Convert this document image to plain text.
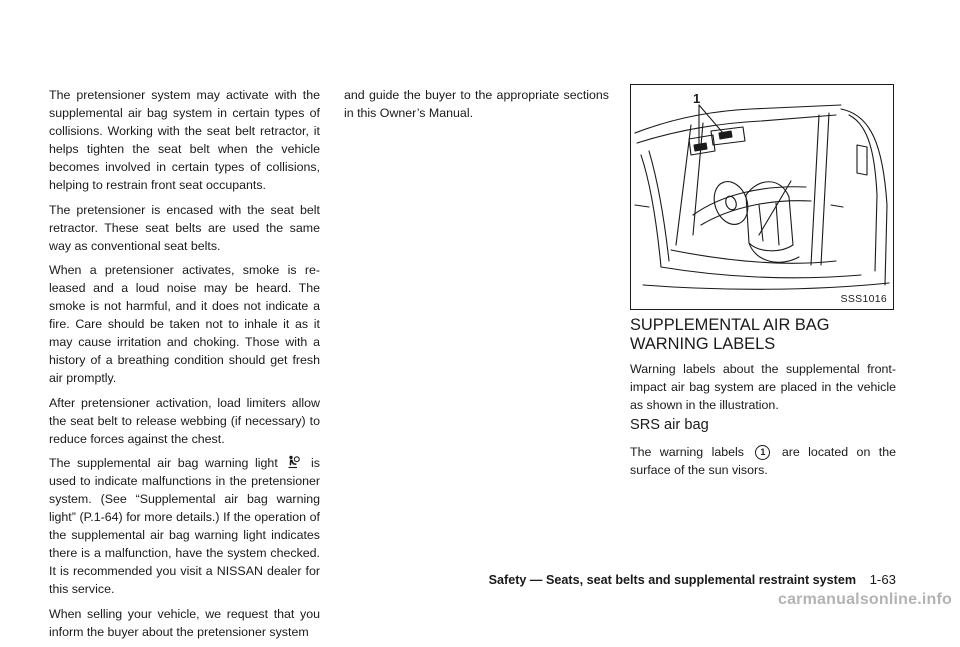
The pretensioner system may activate with the supplemental air bag system in certain types of collisions. Working with the seat belt retractor, it helps tighten the seat belt when the vehicle becomes involved in certain types of collisions, helping to restrain front seat occupants.

The pretensioner is encased with the seat belt retractor. These seat belts are used the same way as conventional seat belts.

When a pretensioner activates, smoke is re-leased and a loud noise may be heard. The smoke is not harmful, and it does not indicate a fire. Care should be taken not to inhale it as it may cause irritation and choking. Those with a history of a breathing condition should get fresh air promptly.

After pretensioner activation, load limiters allow the seat belt to release webbing (if necessary) to reduce forces against the chest.

The supplemental air bag warning light	is used to indicate malfunctions in the pretensioner system. (See “Supplemental air bag warning light” (P.1-64) for more details.) If the operation of the supplemental air bag warning light indicates there is a malfunction, have the system checked. It is recommended you visit a NISSAN dealer for this service.

When selling your vehicle, we request that you inform the buyer about the pretensioner system

and guide the buyer to the appropriate sections in this Owner’s Manual.

1
SSS1016
SUPPLEMENTAL AIR BAG WARNING LABELS

Warning labels about the supplemental front-impact air bag system are placed in the vehicle as shown in the illustration.

SRS air bag

The warning labels 1 are located on the surface of the sun visors.

Safety — Seats, seat belts and supplemental restraint system 1-63
carmanualsonline.info
